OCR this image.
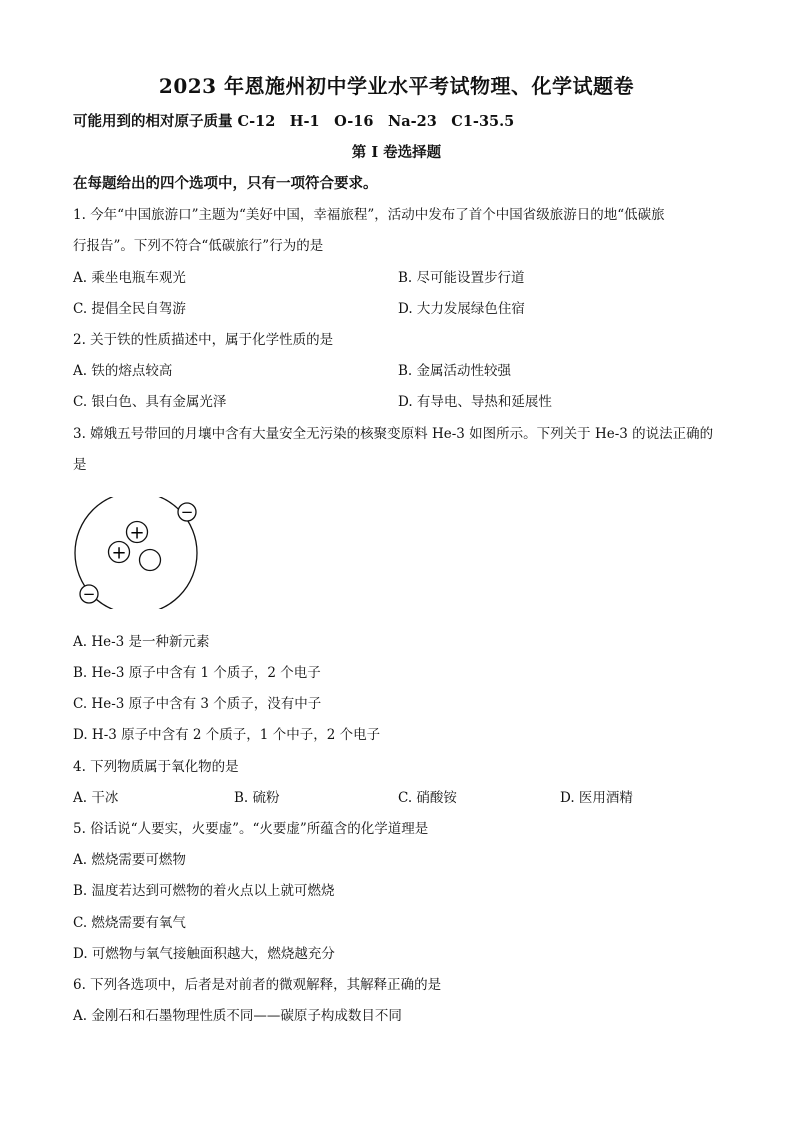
2023 年恩施州初中学业水平考试物理、化学试题卷
可能用到的相对原子质量 C-12　H-1　O-16　Na-23　C1-35.5
第 I 卷选择题
在每题给出的四个选项中，只有一项符合要求。
1. 今年“中国旅游口”主题为“美好中国，幸福旅程”，活动中发布了首个中国省级旅游日的地“低碳旅
行报告”。下列不符合“低碳旅行”行为的是
A. 乘坐电瓶车观光	B. 尽可能设置步行道
C. 提倡全民自驾游	D. 大力发展绿色住宿
2. 关于铁的性质描述中，属于化学性质的是
A. 铁的熔点较高	B. 金属活动性较强
C. 银白色、具有金属光泽	D. 有导电、导热和延展性
3. 嫦娥五号带回的月壤中含有大量安全无污染的核聚变原料 He-3 如图所示。下列关于 He-3 的说法正确的
是
+
+
−
−
A. He-3 是一种新元素
B. He-3 原子中含有 1 个质子，2 个电子
C. He-3 原子中含有 3 个质子，没有中子
D. H-3 原子中含有 2 个质子，1 个中子，2 个电子
4. 下列物质属于氧化物的是
A. 干冰	B. 硫粉	C. 硝酸铵	D. 医用酒精
5. 俗话说“人要实，火要虚”。“火要虚”所蕴含的化学道理是
A. 燃烧需要可燃物
B. 温度若达到可燃物的着火点以上就可燃烧
C. 燃烧需要有氧气
D. 可燃物与氧气接触面积越大，燃烧越充分
6. 下列各选项中，后者是对前者的微观解释，其解释正确的是
A. 金刚石和石墨物理性质不同——碳原子构成数目不同
